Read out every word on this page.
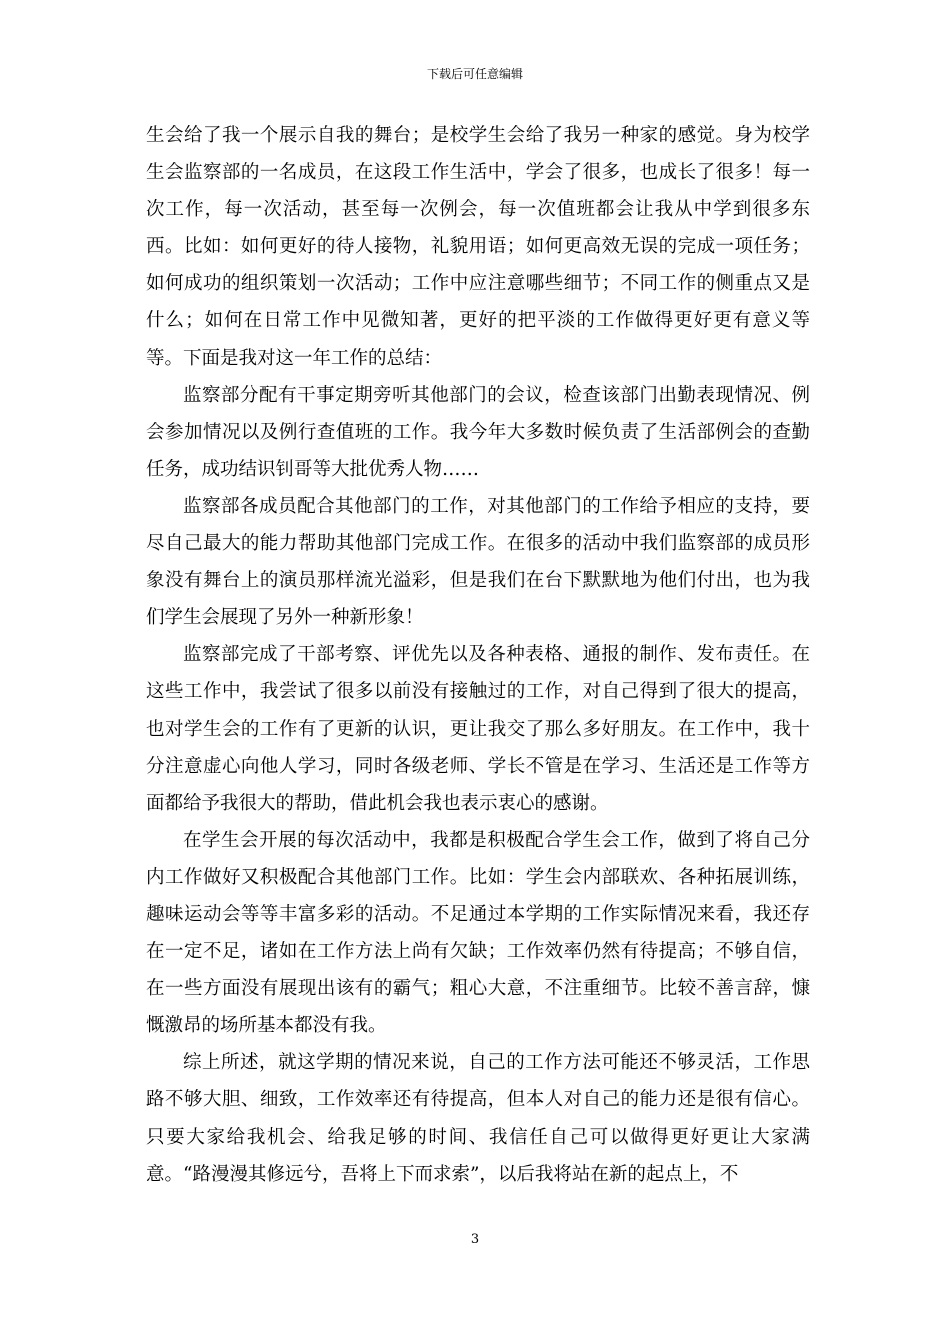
下载后可任意编辑

生会给了我一个展示自我的舞台；是校学生会给了我另一种家的感觉。身为校学生会监察部的一名成员，在这段工作生活中，学会了很多，也成长了很多！每一次工作，每一次活动，甚至每一次例会，每一次值班都会让我从中学到很多东西。比如：如何更好的待人接物，礼貌用语；如何更高效无误的完成一项任务；如何成功的组织策划一次活动；工作中应注意哪些细节；不同工作的侧重点又是什么；如何在日常工作中见微知著，更好的把平淡的工作做得更好更有意义等等。下面是我对这一年工作的总结：

监察部分配有干事定期旁听其他部门的会议，检查该部门出勤表现情况、例会参加情况以及例行查值班的工作。我今年大多数时候负责了生活部例会的查勤任务，成功结识钊哥等大批优秀人物……

监察部各成员配合其他部门的工作，对其他部门的工作给予相应的支持，要尽自己最大的能力帮助其他部门完成工作。在很多的活动中我们监察部的成员形象没有舞台上的演员那样流光溢彩，但是我们在台下默默地为他们付出，也为我们学生会展现了另外一种新形象！

监察部完成了干部考察、评优先以及各种表格、通报的制作、发布责任。在这些工作中，我尝试了很多以前没有接触过的工作，对自己得到了很大的提高，也对学生会的工作有了更新的认识，更让我交了那么多好朋友。在工作中，我十分注意虚心向他人学习，同时各级老师、学长不管是在学习、生活还是工作等方面都给予我很大的帮助，借此机会我也表示衷心的感谢。

在学生会开展的每次活动中，我都是积极配合学生会工作，做到了将自己分内工作做好又积极配合其他部门工作。比如：学生会内部联欢、各种拓展训练，趣味运动会等等丰富多彩的活动。不足通过本学期的工作实际情况来看，我还存在一定不足，诸如在工作方法上尚有欠缺；工作效率仍然有待提高；不够自信，在一些方面没有展现出该有的霸气；粗心大意，不注重细节。比较不善言辞，慷慨激昂的场所基本都没有我。

综上所述，就这学期的情况来说，自己的工作方法可能还不够灵活，工作思路不够大胆、细致，工作效率还有待提高，但本人对自己的能力还是很有信心。只要大家给我机会、给我足够的时间、我信任自己可以做得更好更让大家满意。“路漫漫其修远兮，吾将上下而求索”，以后我将站在新的起点上，不

3
